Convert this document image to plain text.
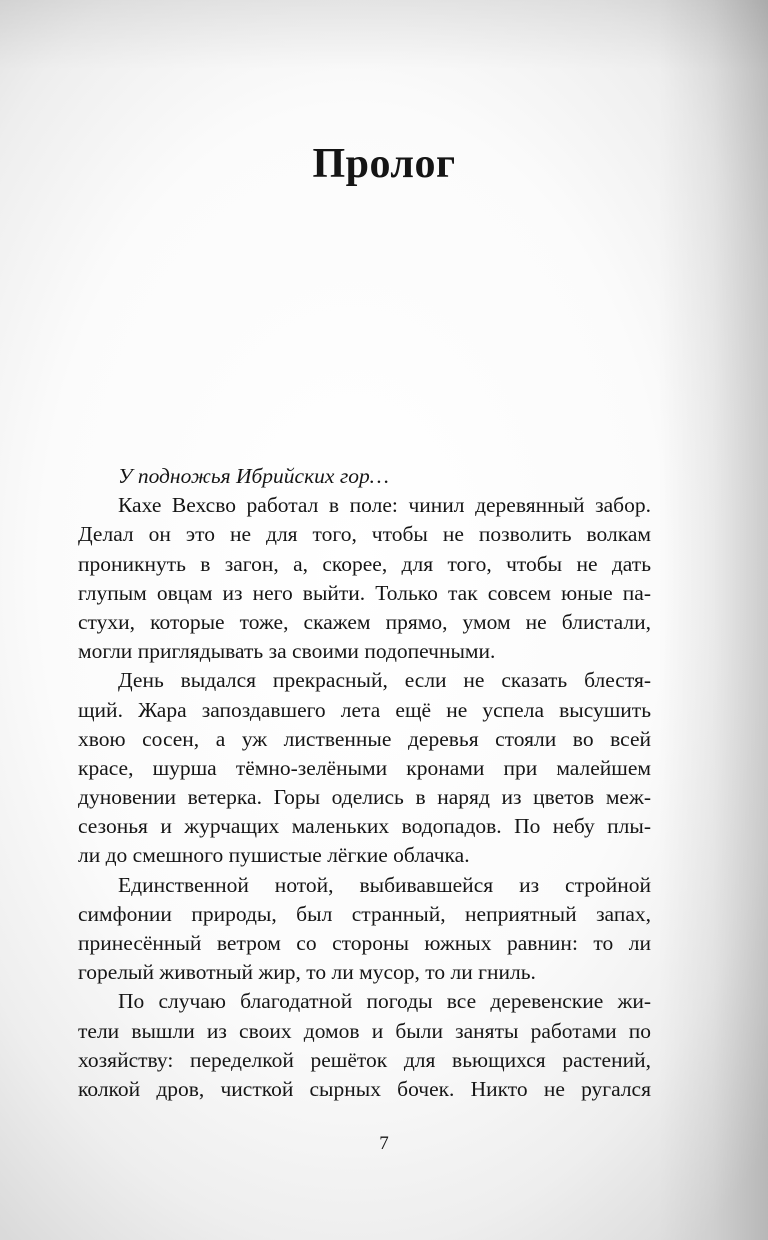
Пролог
У подножья Ибрийских гор…
Кахе Вехсво работал в поле: чинил деревянный забор.
Делал он это не для того, чтобы не позволить волкам
проникнуть в загон, а, скорее, для того, чтобы не дать
глупым овцам из него выйти. Только так совсем юные па-
стухи, которые тоже, скажем прямо, умом не блистали,
могли приглядывать за своими подопечными.
День выдался прекрасный, если не сказать блестя-
щий. Жара запоздавшего лета ещё не успела высушить
хвою сосен, а уж лиственные деревья стояли во всей
красе, шурша тёмно-зелёными кронами при малейшем
дуновении ветерка. Горы оделись в наряд из цветов меж-
сезонья и журчащих маленьких водопадов. По небу плы-
ли до смешного пушистые лёгкие облачка.
Единственной нотой, выбивавшейся из стройной
симфонии природы, был странный, неприятный запах,
принесённый ветром со стороны южных равнин: то ли
горелый животный жир, то ли мусор, то ли гниль.
По случаю благодатной погоды все деревенские жи-
тели вышли из своих домов и были заняты работами по
хозяйству: переделкой решёток для вьющихся растений,
колкой дров, чисткой сырных бочек. Никто не ругался
7
